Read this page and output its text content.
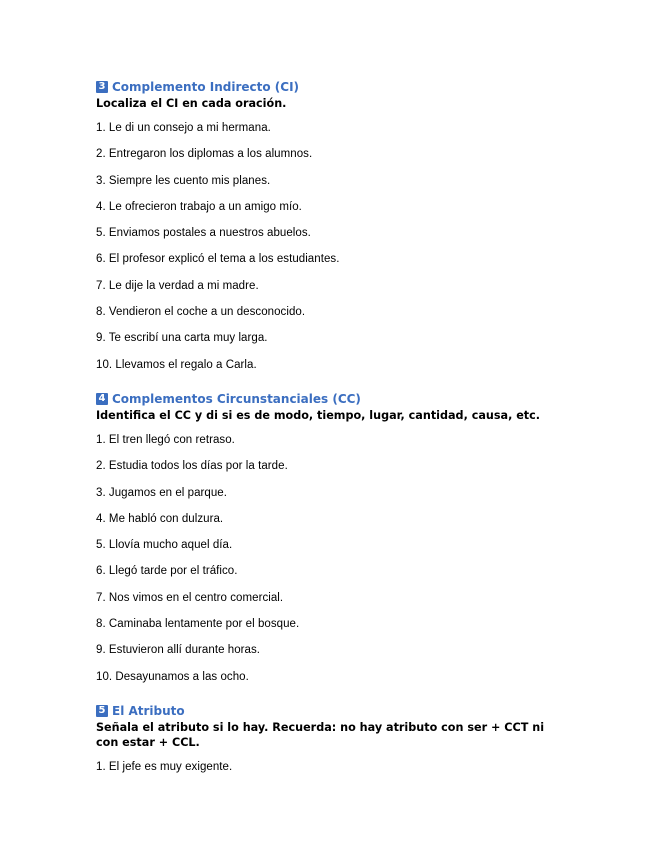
3 Complemento Indirecto (CI)

Localiza el CI en cada oración.

1. Le di un consejo a mi hermana.
2. Entregaron los diplomas a los alumnos.
3. Siempre les cuento mis planes.
4. Le ofrecieron trabajo a un amigo mío.
5. Enviamos postales a nuestros abuelos.
6. El profesor explicó el tema a los estudiantes.
7. Le dije la verdad a mi madre.
8. Vendieron el coche a un desconocido.
9. Te escribí una carta muy larga.
10. Llevamos el regalo a Carla.
4 Complementos Circunstanciales (CC)

Identifica el CC y di si es de modo, tiempo, lugar, cantidad, causa, etc.

1. El tren llegó con retraso.
2. Estudia todos los días por la tarde.
3. Jugamos en el parque.
4. Me habló con dulzura.
5. Llovía mucho aquel día.
6. Llegó tarde por el tráfico.
7. Nos vimos en el centro comercial.
8. Caminaba lentamente por el bosque.
9. Estuvieron allí durante horas.
10. Desayunamos a las ocho.
5 El Atributo

Señala el atributo si lo hay. Recuerda: no hay atributo con ser + CCT ni con estar + CCL.

1. El jefe es muy exigente.
